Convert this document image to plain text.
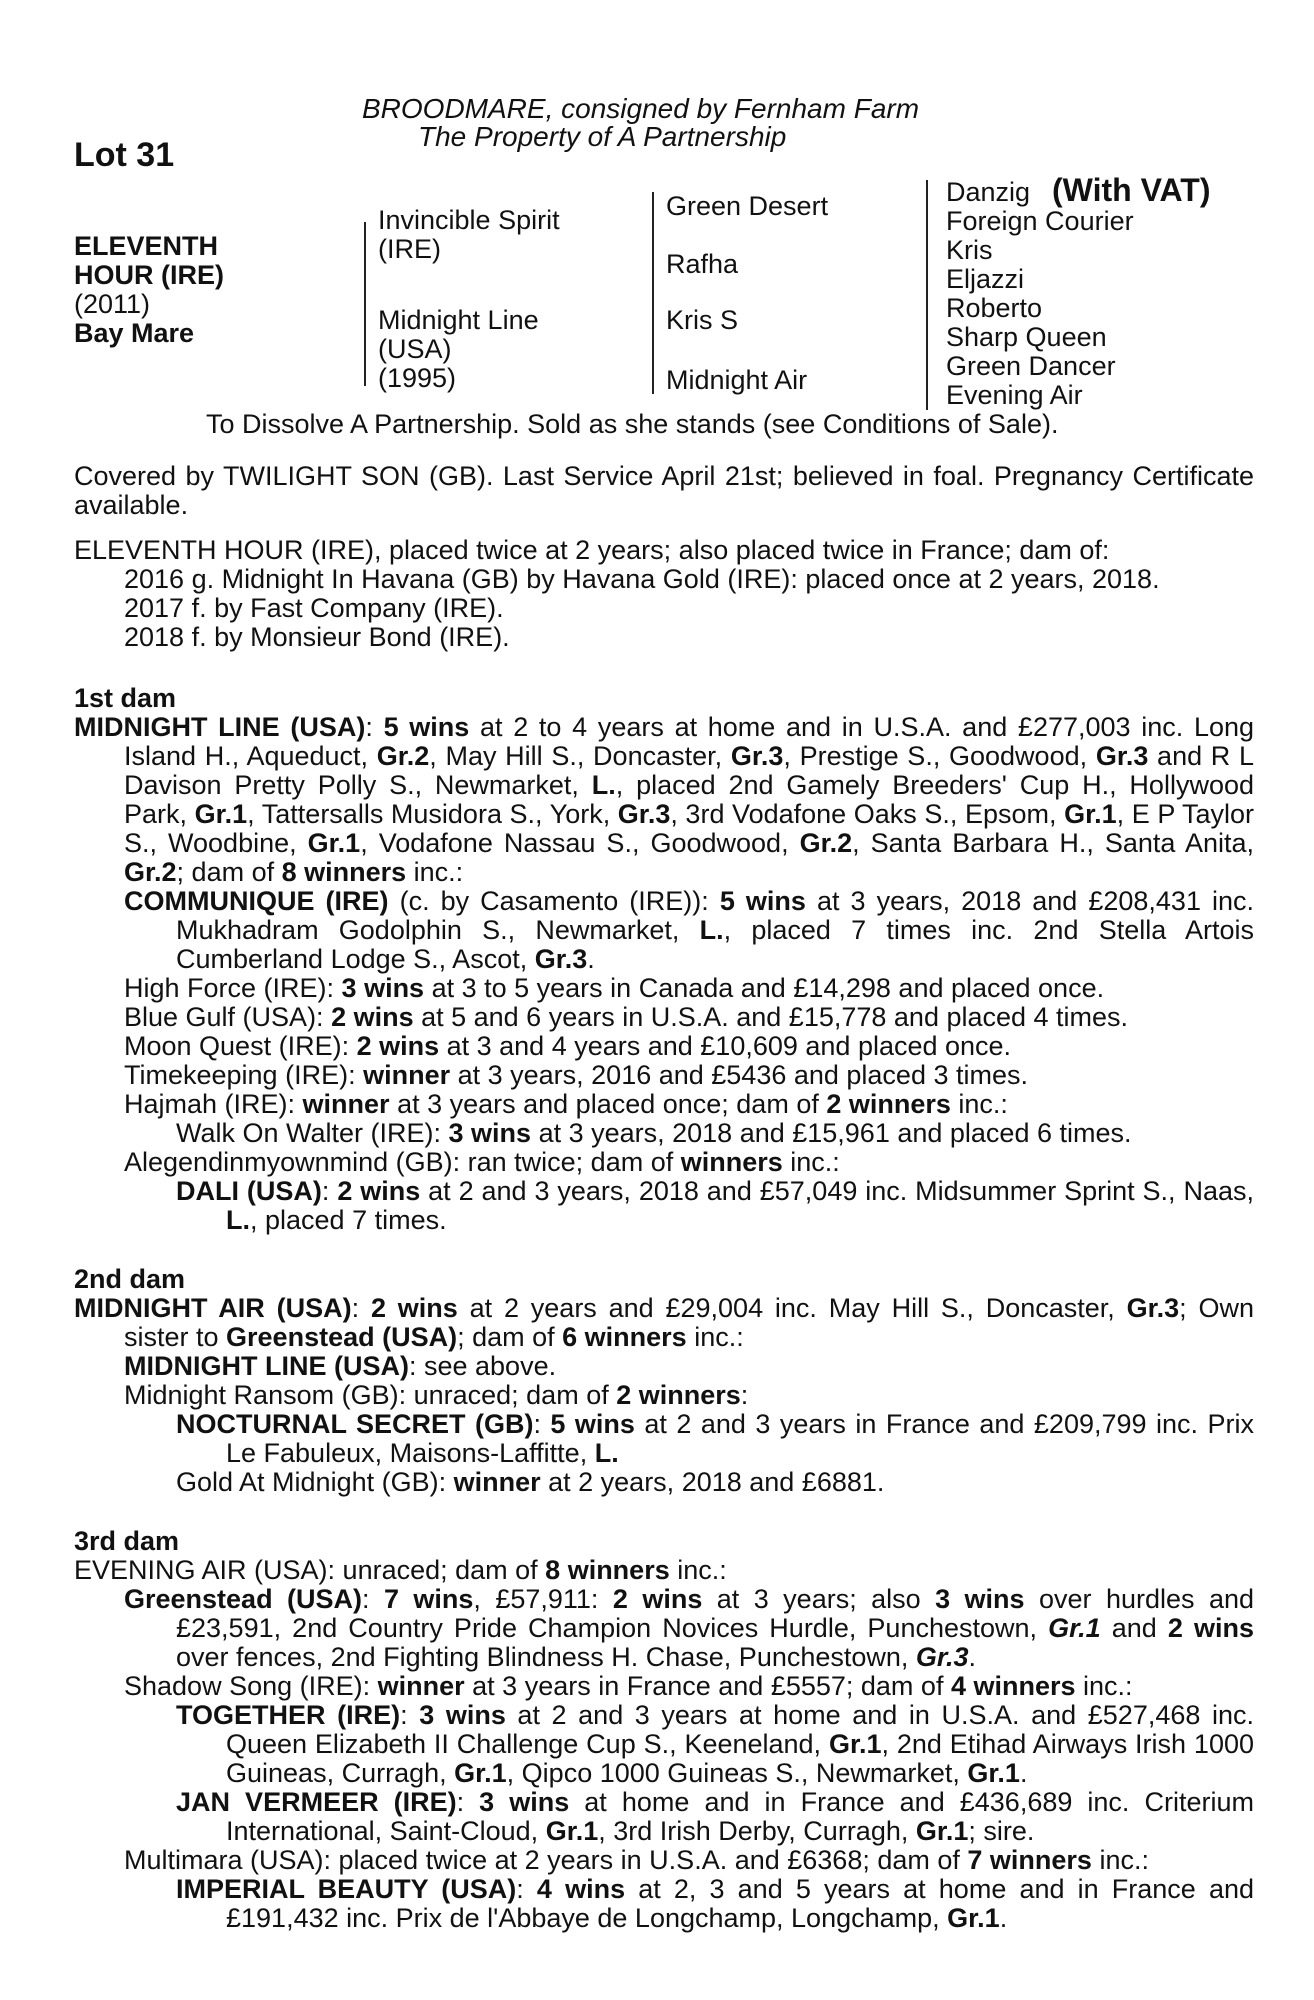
BROODMARE, consigned by Fernham Farm
The Property of A Partnership
Lot 31
(With VAT)
ELEVENTH
HOUR (IRE)
(2011)
Bay Mare
Invincible Spirit
(IRE)
Midnight Line
(USA)
(1995)
Green Desert
Rafha
Kris S
Midnight Air
Danzig
Foreign Courier
Kris
Eljazzi
Roberto
Sharp Queen
Green Dancer
Evening Air
To Dissolve A Partnership. Sold as she stands (see Conditions of Sale).

Covered by TWILIGHT SON (GB). Last Service April 21st; believed in foal. Pregnancy Certificate available.

ELEVENTH HOUR (IRE), placed twice at 2 years; also placed twice in France; dam of:

2016 g. Midnight In Havana (GB) by Havana Gold (IRE): placed once at 2 years, 2018.

2017 f. by Fast Company (IRE).

2018 f. by Monsieur Bond (IRE).

1st dam

MIDNIGHT LINE (USA): 5 wins at 2 to 4 years at home and in U.S.A. and £277,003 inc. Long Island H., Aqueduct, Gr.2, May Hill S., Doncaster, Gr.3, Prestige S., Goodwood, Gr.3 and R L Davison Pretty Polly S., Newmarket, L., placed 2nd Gamely Breeders' Cup H., Hollywood Park, Gr.1, Tattersalls Musidora S., York, Gr.3, 3rd Vodafone Oaks S., Epsom, Gr.1, E P Taylor S., Woodbine, Gr.1, Vodafone Nassau S., Goodwood, Gr.2, Santa Barbara H., Santa Anita, Gr.2; dam of 8 winners inc.:

COMMUNIQUE (IRE) (c. by Casamento (IRE)): 5 wins at 3 years, 2018 and £208,431 inc. Mukhadram Godolphin S., Newmarket, L., placed 7 times inc. 2nd Stella Artois Cumberland Lodge S., Ascot, Gr.3.

High Force (IRE): 3 wins at 3 to 5 years in Canada and £14,298 and placed once.

Blue Gulf (USA): 2 wins at 5 and 6 years in U.S.A. and £15,778 and placed 4 times.

Moon Quest (IRE): 2 wins at 3 and 4 years and £10,609 and placed once.

Timekeeping (IRE): winner at 3 years, 2016 and £5436 and placed 3 times.

Hajmah (IRE): winner at 3 years and placed once; dam of 2 winners inc.:

Walk On Walter (IRE): 3 wins at 3 years, 2018 and £15,961 and placed 6 times.

Alegendinmyownmind (GB): ran twice; dam of winners inc.:

DALI (USA): 2 wins at 2 and 3 years, 2018 and £57,049 inc. Midsummer Sprint S., Naas, L., placed 7 times.

2nd dam

MIDNIGHT AIR (USA): 2 wins at 2 years and £29,004 inc. May Hill S., Doncaster, Gr.3; Own sister to Greenstead (USA); dam of 6 winners inc.:

MIDNIGHT LINE (USA): see above.

Midnight Ransom (GB): unraced; dam of 2 winners:

NOCTURNAL SECRET (GB): 5 wins at 2 and 3 years in France and £209,799 inc. Prix Le Fabuleux, Maisons-Laffitte, L.

Gold At Midnight (GB): winner at 2 years, 2018 and £6881.

3rd dam

EVENING AIR (USA): unraced; dam of 8 winners inc.:

Greenstead (USA): 7 wins, £57,911: 2 wins at 3 years; also 3 wins over hurdles and £23,591, 2nd Country Pride Champion Novices Hurdle, Punchestown, Gr.1 and 2 wins over fences, 2nd Fighting Blindness H. Chase, Punchestown, Gr.3.

Shadow Song (IRE): winner at 3 years in France and £5557; dam of 4 winners inc.:

TOGETHER (IRE): 3 wins at 2 and 3 years at home and in U.S.A. and £527,468 inc. Queen Elizabeth II Challenge Cup S., Keeneland, Gr.1, 2nd Etihad Airways Irish 1000 Guineas, Curragh, Gr.1, Qipco 1000 Guineas S., Newmarket, Gr.1.

JAN VERMEER (IRE): 3 wins at home and in France and £436,689 inc. Criterium International, Saint-Cloud, Gr.1, 3rd Irish Derby, Curragh, Gr.1; sire.

Multimara (USA): placed twice at 2 years in U.S.A. and £6368; dam of 7 winners inc.:

IMPERIAL BEAUTY (USA): 4 wins at 2, 3 and 5 years at home and in France and £191,432 inc. Prix de l'Abbaye de Longchamp, Longchamp, Gr.1.
